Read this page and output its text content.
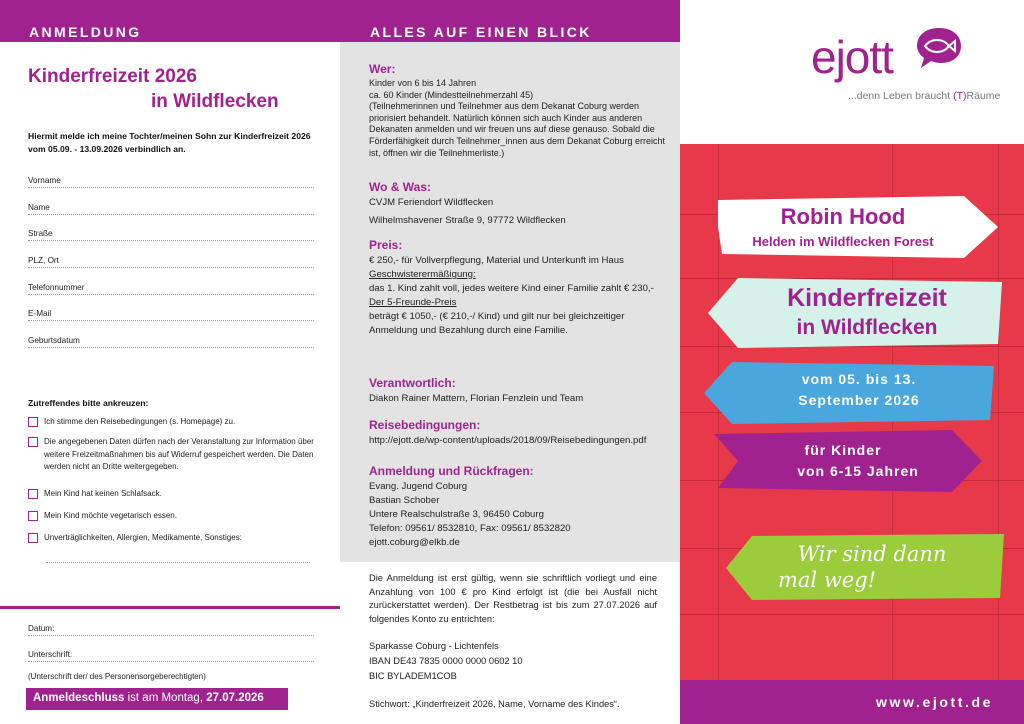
ANMELDUNG
Kinderfreizeit 2026
in Wildflecken
Hiermit melde ich meine Tochter/meinen Sohn zur Kinderfreizeit 2026 vom 05.09. - 13.09.2026 verbindlich an.
Vorname
Name
Straße
PLZ, Ort
Telefonnummer
E-Mail
Geburtsdatum
Zutreffendes bitte ankreuzen:
Ich stimme den Reisebedingungen (s. Homepage) zu.
Die angegebenen Daten dürfen nach der Veranstaltung zur Information über weitere Freizeitmaßnahmen bis auf Widerruf gespeichert werden. Die Daten werden nicht an Dritte weitergegeben.
Mein Kind hat keinen Schlafsack.
Mein Kind möchte vegetarisch essen.
Unverträglichkeiten, Allergien, Medikamente, Sonstiges:
Datum:
Unterschrift:
(Unterschrift der/ des Personensorgeberechtigten)
Anmeldeschluss ist am Montag, 27.07.2026
ALLES AUF EINEN BLICK
Wer:

Kinder von 6 bis 14 Jahren

ca. 60 Kinder (Mindestteilnehmerzahl 45)

(Teilnehmerinnen und Teilnehmer aus dem Dekanat Coburg werden priorisiert behandelt. Natürlich können sich auch Kinder aus anderen Dekanaten anmelden und wir freuen uns auf diese genauso. Sobald die Förderfähigkeit durch Teilnehmer_innen aus dem Dekanat Coburg erreicht ist, öffnen wir die Teilnehmerliste.)

Wo & Was:

CVJM Feriendorf Wildflecken

Wilhelmshavener Straße 9, 97772 Wildflecken

Preis:

€ 250,- für Vollverpflegung, Material und Unterkunft im Haus

Geschwisterermäßigung:

das 1. Kind zahlt voll, jedes weitere Kind einer Familie zahlt € 230,-

Der 5-Freunde-Preis

beträgt € 1050,- (€ 210,-/ Kind) und gilt nur bei gleichzeitiger Anmeldung und Bezahlung durch eine Familie.

Verantwortlich:

Diakon Rainer Mattern, Florian Fenzlein und Team

Reisebedingungen:

http://ejott.de/wp-content/uploads/2018/09/Reisebedingungen.pdf

Anmeldung und Rückfragen:

Evang. Jugend Coburg

Bastian Schober

Untere Realschulstraße 3, 96450 Coburg

Telefon: 09561/ 8532810, Fax: 09561/ 8532820

ejott.coburg@elkb.de

Die Anmeldung ist erst gültig, wenn sie schriftlich vorliegt und eine Anzahlung von 100 € pro Kind erfolgt ist (die bei Ausfall nicht zurückerstattet werden). Der Restbetrag ist bis zum 27.07.2026 auf folgendes Konto zu entrichten:

Sparkasse Coburg - Lichtenfels

IBAN DE43 7835 0000 0000 0602 10

BIC BYLADEM1COB

Stichwort: „Kinderfreizeit 2026, Name, Vorname des Kindes“.

ejott
...denn Leben braucht (T)Räume
Robin Hood
Helden im Wildflecken Forest
Kinderfreizeit
in Wildflecken
vom 05. bis 13.
September 2026
für Kinder
von 6-15 Jahren
Wir sind dann
mal weg!
www.ejott.de
